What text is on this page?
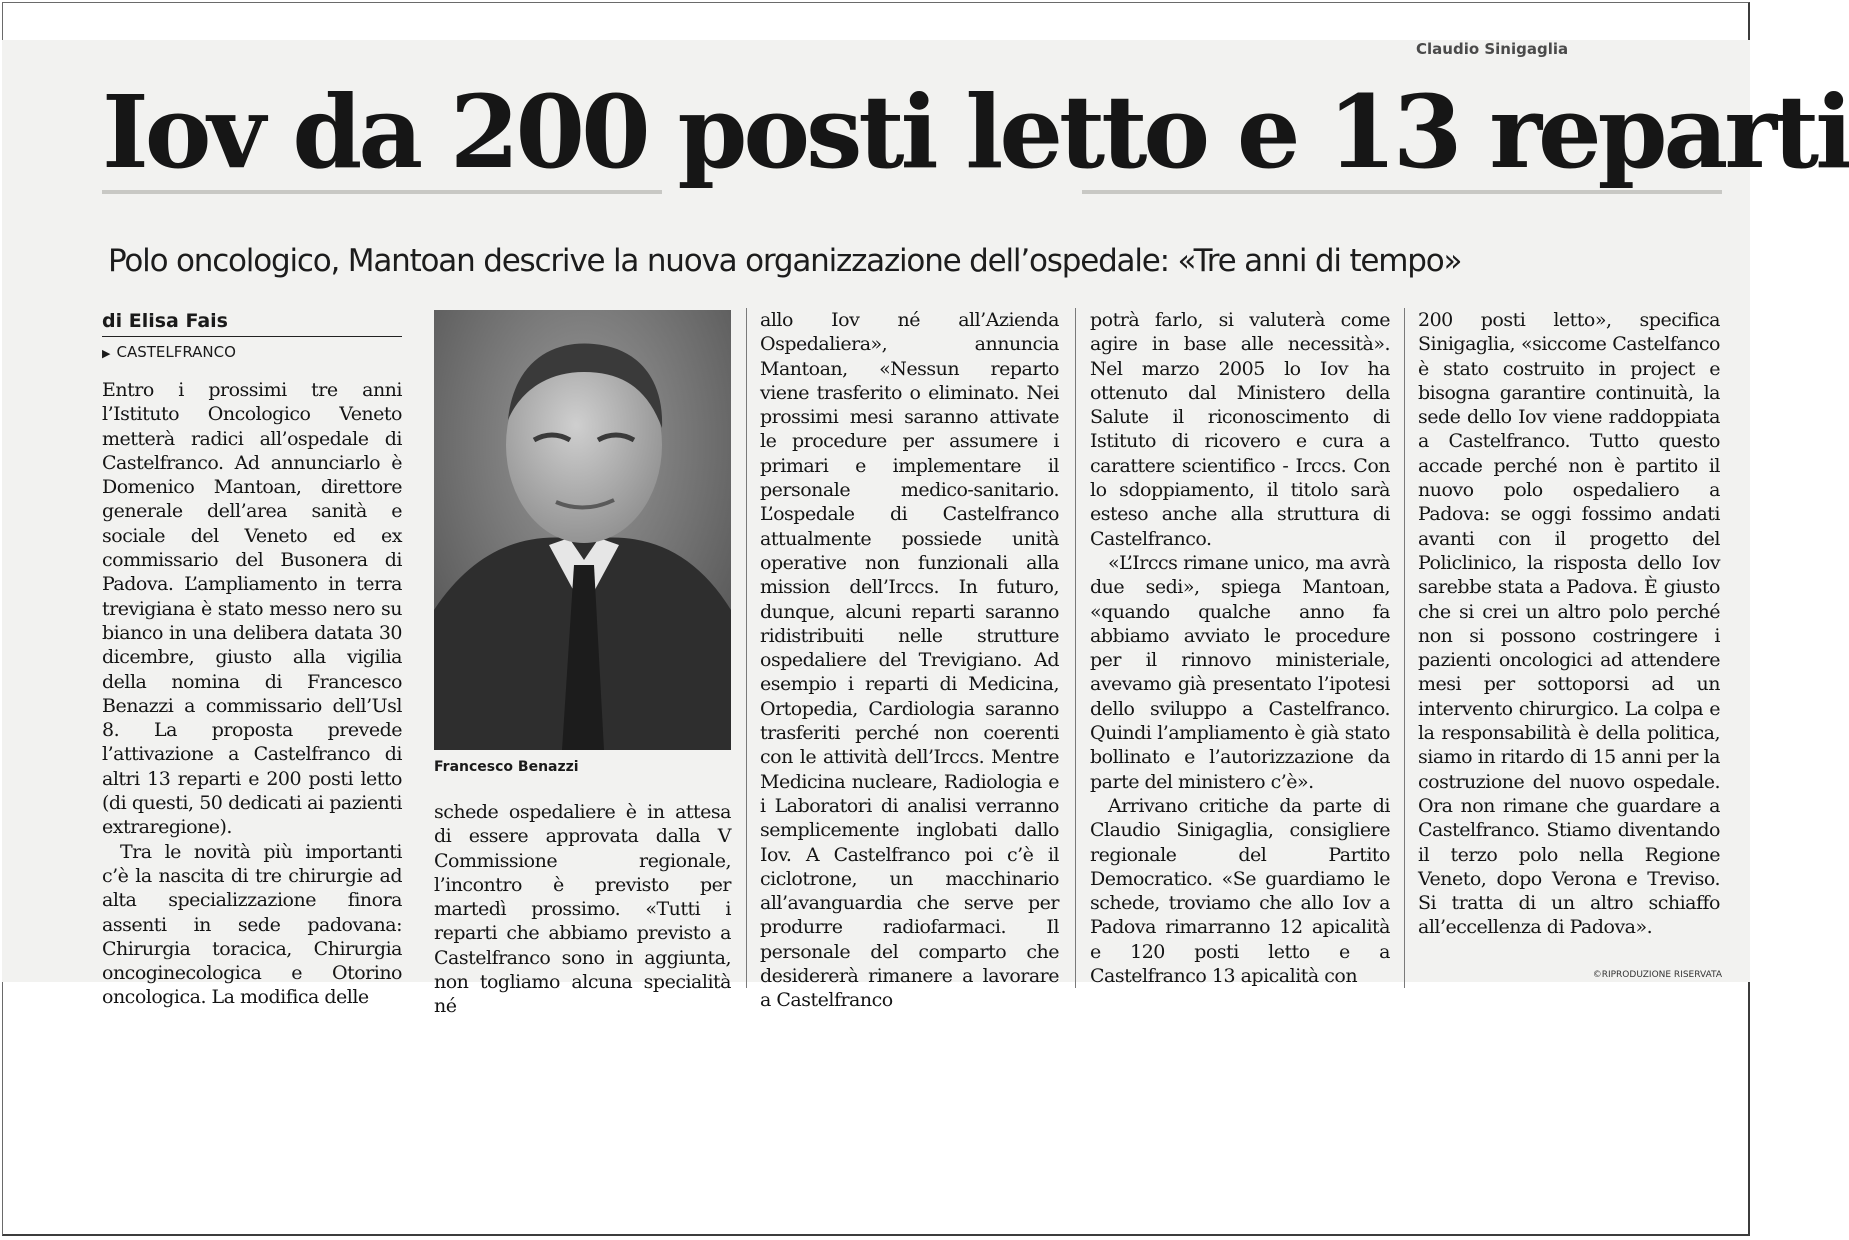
Claudio Sinigaglia
Iov da 200 posti letto e 13 reparti
Polo oncologico, Mantoan descrive la nuova organizzazione dell’ospedale: «Tre anni di tempo»
di Elisa Fais
▶ CASTELFRANCO

Entro i prossimi tre anni l’Istituto Oncologico Veneto metterà radici all’ospedale di Castelfranco. Ad annunciarlo è Domenico Mantoan, direttore generale dell’area sanità e sociale del Veneto ed ex commissario del Busonera di Padova. L’ampliamento in terra trevigiana è stato messo nero su bianco in una delibera datata 30 dicembre, giusto alla vigilia della nomina di Francesco Benazzi a commissario dell’Usl 8. La proposta prevede l’attivazione a Castelfranco di altri 13 reparti e 200 posti letto (di questi, 50 dedicati ai pazienti extraregione).

Tra le novità più importanti c’è la nascita di tre chirurgie ad alta specializzazione finora assenti in sede padovana: Chirurgia toracica, Chirurgia oncoginecologica e Otorino oncologica. La modifica delle

Francesco Benazzi

schede ospedaliere è in attesa di essere approvata dalla V Commissione regionale, l’incontro è previsto per martedì prossimo. «Tutti i reparti che abbiamo previsto a Castelfranco sono in aggiunta, non togliamo alcuna specialità né

allo Iov né all’Azienda Ospedaliera», annuncia Mantoan, «Nessun reparto viene trasferito o eliminato. Nei prossimi mesi saranno attivate le procedure per assumere i primari e implementare il personale medico-sanitario. L’ospedale di Castelfranco attualmente possiede unità operative non funzionali alla mission dell’Irccs. In futuro, dunque, alcuni reparti saranno ridistribuiti nelle strutture ospedaliere del Trevigiano. Ad esempio i reparti di Medicina, Ortopedia, Cardiologia saranno trasferiti perché non coerenti con le attività dell’Irccs. Mentre Medicina nucleare, Radiologia e i Laboratori di analisi verranno semplicemente inglobati dallo Iov. A Castelfranco poi c’è il ciclotrone, un macchinario all’avanguardia che serve per produrre radiofarmaci. Il personale del comparto che desidererà rimanere a lavorare a Castelfranco

potrà farlo, si valuterà come agire in base alle necessità». Nel marzo 2005 lo Iov ha ottenuto dal Ministero della Salute il riconoscimento di Istituto di ricovero e cura a carattere scientifico - Irccs. Con lo sdoppiamento, il titolo sarà esteso anche alla struttura di Castelfranco.

«L’Irccs rimane unico, ma avrà due sedi», spiega Mantoan, «quando qualche anno fa abbiamo avviato le procedure per il rinnovo ministeriale, avevamo già presentato l’ipotesi dello sviluppo a Castelfranco. Quindi l’ampliamento è già stato bollinato e l’autorizzazione da parte del ministero c’è».

Arrivano critiche da parte di Claudio Sinigaglia, consigliere regionale del Partito Democratico. «Se guardiamo le schede, troviamo che allo Iov a Padova rimarranno 12 apicalità e 120 posti letto e a Castelfranco 13 apicalità con

200 posti letto», specifica Sinigaglia, «siccome Castelfanco è stato costruito in project e bisogna garantire continuità, la sede dello Iov viene raddoppiata a Castelfranco. Tutto questo accade perché non è partito il nuovo polo ospedaliero a Padova: se oggi fossimo andati avanti con il progetto del Policlinico, la risposta dello Iov sarebbe stata a Padova. È giusto che si crei un altro polo perché non si possono costringere i pazienti oncologici ad attendere mesi per sottoporsi ad un intervento chirurgico. La colpa e la responsabilità è della politica, siamo in ritardo di 15 anni per la costruzione del nuovo ospedale. Ora non rimane che guardare a Castelfranco. Stiamo diventando il terzo polo nella Regione Veneto, dopo Verona e Treviso. Si tratta di un altro schiaffo all’eccellenza di Padova».

©RIPRODUZIONE RISERVATA
